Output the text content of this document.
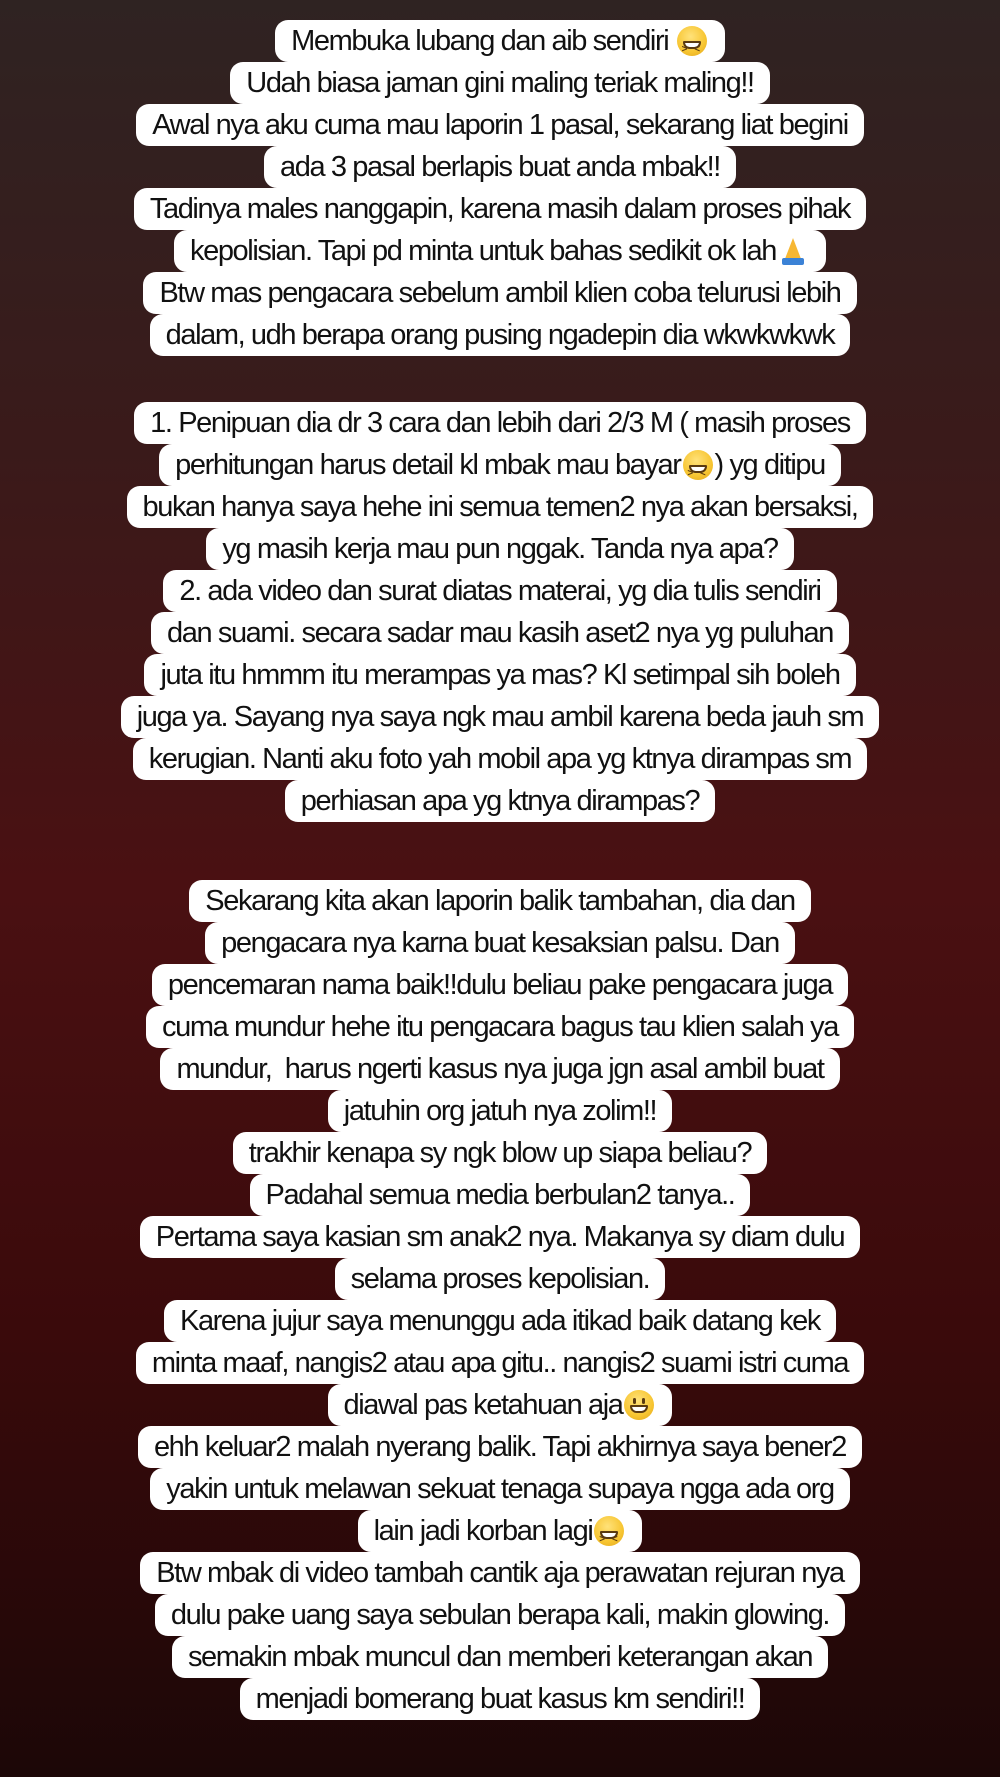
Membuka lubang dan aib sendiri
> <
Udah biasa jaman gini maling teriak maling!!
Awal nya aku cuma mau laporin 1 pasal, sekarang liat begini
ada 3 pasal berlapis buat anda mbak!!
Tadinya males nanggapin, karena masih dalam proses pihak
kepolisian. Tapi pd minta untuk bahas sedikit ok lah
Btw mas pengacara sebelum ambil klien coba telurusi lebih
dalam, udh berapa orang pusing ngadepin dia wkwkwkwk
1. Penipuan dia dr 3 cara dan lebih dari 2/3 M ( masih proses
perhitungan harus detail kl mbak mau bayar > < ) yg ditipu
bukan hanya saya hehe ini semua temen2 nya akan bersaksi,
yg masih kerja mau pun nggak. Tanda nya apa?
2. ada video dan surat diatas materai, yg dia tulis sendiri
dan suami. secara sadar mau kasih aset2 nya yg puluhan
juta itu hmmm itu merampas ya mas? Kl setimpal sih boleh
juga ya. Sayang nya saya ngk mau ambil karena beda jauh sm
kerugian. Nanti aku foto yah mobil apa yg ktnya dirampas sm
perhiasan apa yg ktnya dirampas?
Sekarang kita akan laporin balik tambahan, dia dan
pengacara nya karna buat kesaksian palsu. Dan
pencemaran nama baik!!dulu beliau pake pengacara juga
cuma mundur hehe itu pengacara bagus tau klien salah ya
mundur,  harus ngerti kasus nya juga jgn asal ambil buat
jatuhin org jatuh nya zolim!!
trakhir kenapa sy ngk blow up siapa beliau?
Padahal semua media berbulan2 tanya..
Pertama saya kasian sm anak2 nya. Makanya sy diam dulu
selama proses kepolisian.
Karena jujur saya menunggu ada itikad baik datang kek
minta maaf, nangis2 atau apa gitu.. nangis2 suami istri cuma
diawal pas ketahuan aja
ehh keluar2 malah nyerang balik. Tapi akhirnya saya bener2
yakin untuk melawan sekuat tenaga supaya ngga ada org
lain jadi korban lagi
> <
Btw mbak di video tambah cantik aja perawatan rejuran nya
dulu pake uang saya sebulan berapa kali, makin glowing.
semakin mbak muncul dan memberi keterangan akan
menjadi bomerang buat kasus km sendiri!!
